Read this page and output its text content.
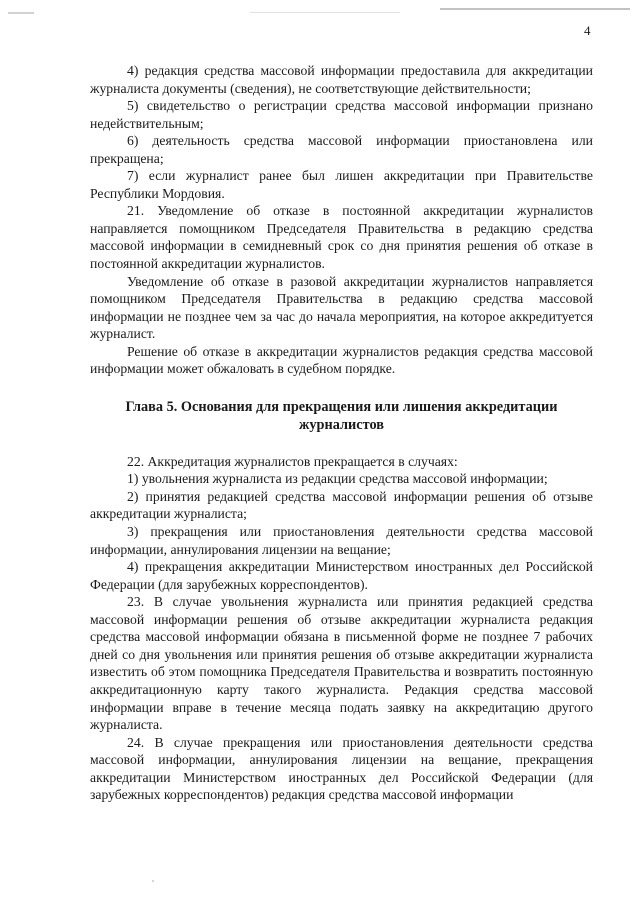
4

4) редакция средства массовой информации предоставила для аккредитации журналиста документы (сведения), не соответствующие действительности;

5) свидетельство о регистрации средства массовой информации признано недействительным;

6) деятельность средства массовой информации приостановлена или прекращена;

7) если журналист ранее был лишен аккредитации при Правительстве Республики Мордовия.

21. Уведомление об отказе в постоянной аккредитации журналистов направляется помощником Председателя Правительства в редакцию средства массовой информации в семидневный срок со дня принятия решения об отказе в постоянной аккредитации журналистов.

Уведомление об отказе в разовой аккредитации журналистов направляется помощником Председателя Правительства в редакцию средства массовой информации не позднее чем за час до начала мероприятия, на которое аккредитуется журналист.

Решение об отказе в аккредитации журналистов редакция средства массовой информации может обжаловать в судебном порядке.

Глава 5. Основания для прекращения или лишения аккредитации журналистов

22. Аккредитация журналистов прекращается в случаях:

1) увольнения журналиста из редакции средства массовой информации;

2) принятия редакцией средства массовой информации решения об отзыве аккредитации журналиста;

3) прекращения или приостановления деятельности средства массовой информации, аннулирования лицензии на вещание;

4) прекращения аккредитации Министерством иностранных дел Российской Федерации (для зарубежных корреспондентов).

23. В случае увольнения журналиста или принятия редакцией средства массовой информации решения об отзыве аккредитации журналиста редакция средства массовой информации обязана в письменной форме не позднее 7 рабочих дней со дня увольнения или принятия решения об отзыве аккредитации журналиста известить об этом помощника Председателя Правительства и возвратить постоянную аккредитационную карту такого журналиста. Редакция средства массовой информации вправе в течение месяца подать заявку на аккредитацию другого журналиста.

24. В случае прекращения или приостановления деятельности средства массовой информации, аннулирования лицензии на вещание, прекращения аккредитации Министерством иностранных дел Российской Федерации (для зарубежных корреспондентов) редакция средства массовой информации
